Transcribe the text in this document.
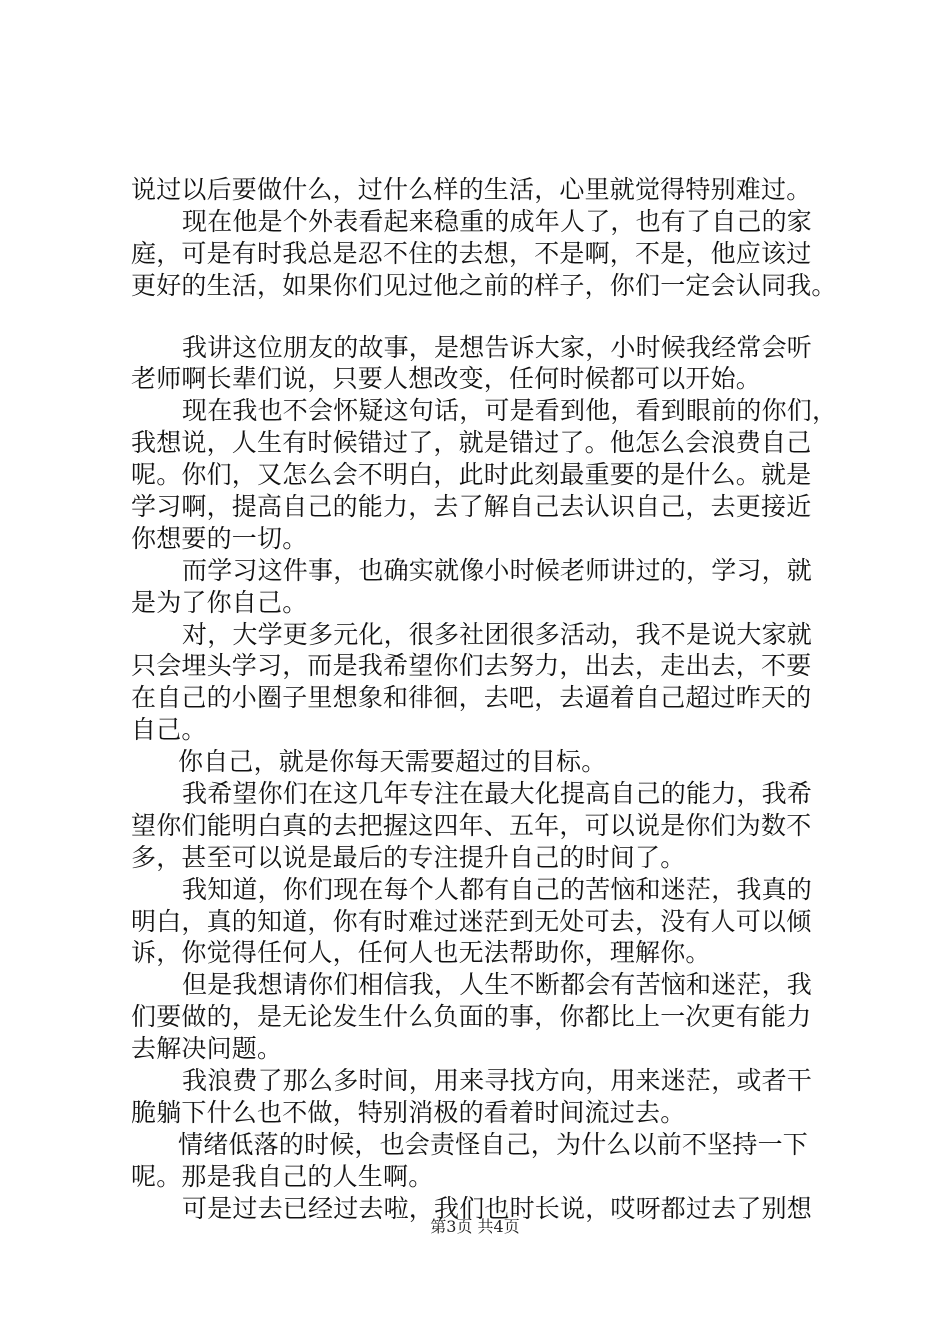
说过以后要做什么，过什么样的生活，心里就觉得特别难过。
现在他是个外表看起来稳重的成年人了，也有了自己的家
庭，可是有时我总是忍不住的去想，不是啊，不是，他应该过
更好的生活，如果你们见过他之前的样子，你们一定会认同我。
我讲这位朋友的故事，是想告诉大家，小时候我经常会听
老师啊长辈们说，只要人想改变，任何时候都可以开始。
现在我也不会怀疑这句话，可是看到他，看到眼前的你们，
我想说，人生有时候错过了，就是错过了。他怎么会浪费自己
呢。你们，又怎么会不明白，此时此刻最重要的是什么。就是
学习啊，提高自己的能力，去了解自己去认识自己，去更接近
你想要的一切。
而学习这件事，也确实就像小时候老师讲过的，学习，就
是为了你自己。
对，大学更多元化，很多社团很多活动，我不是说大家就
只会埋头学习，而是我希望你们去努力，出去，走出去，不要
在自己的小圈子里想象和徘徊，去吧，去逼着自己超过昨天的
自己。
你自己，就是你每天需要超过的目标。
我希望你们在这几年专注在最大化提高自己的能力，我希
望你们能明白真的去把握这四年、五年，可以说是你们为数不
多，甚至可以说是最后的专注提升自己的时间了。
我知道，你们现在每个人都有自己的苦恼和迷茫，我真的
明白，真的知道，你有时难过迷茫到无处可去，没有人可以倾
诉，你觉得任何人，任何人也无法帮助你，理解你。
但是我想请你们相信我，人生不断都会有苦恼和迷茫，我
们要做的，是无论发生什么负面的事，你都比上一次更有能力
去解决问题。
我浪费了那么多时间，用来寻找方向，用来迷茫，或者干
脆躺下什么也不做，特别消极的看着时间流过去。
情绪低落的时候，也会责怪自己，为什么以前不坚持一下
呢。那是我自己的人生啊。
可是过去已经过去啦，我们也时长说，哎呀都过去了别想
第3页 共4页
